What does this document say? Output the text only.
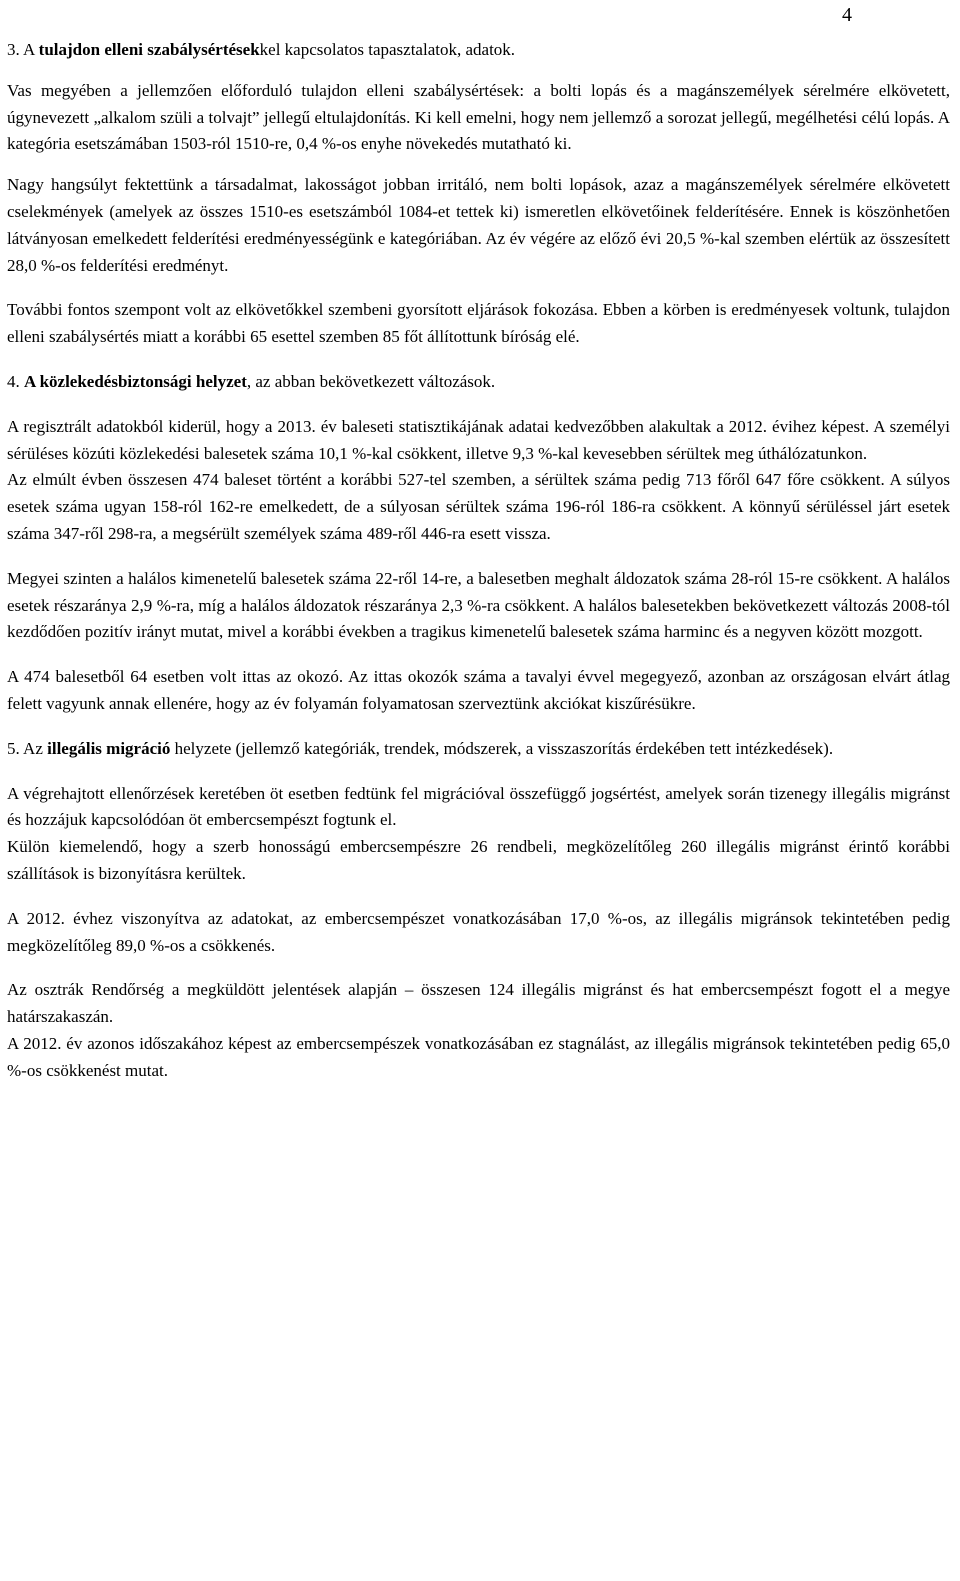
4

3. A tulajdon elleni szabálysértésekkel kapcsolatos tapasztalatok, adatok.

Vas megyében a jellemzően előforduló tulajdon elleni szabálysértések: a bolti lopás és a magánszemélyek sérelmére elkövetett, úgynevezett „alkalom szüli a tolvajt” jellegű eltulajdonítás. Ki kell emelni, hogy nem jellemző a sorozat jellegű, megélhetési célú lopás. A kategória esetszámában 1503-ról 1510-re, 0,4 %-os enyhe növekedés mutatható ki.

Nagy hangsúlyt fektettünk a társadalmat, lakosságot jobban irritáló, nem bolti lopások, azaz a magánszemélyek sérelmére elkövetett cselekmények (amelyek az összes 1510-es esetszámból 1084-et tettek ki) ismeretlen elkövetőinek felderítésére. Ennek is köszönhetően látványosan emelkedett felderítési eredményességünk e kategóriában. Az év végére az előző évi 20,5 %-kal szemben elértük az összesített 28,0 %-os felderítési eredményt.

További fontos szempont volt az elkövetőkkel szembeni gyorsított eljárások fokozása. Ebben a körben is eredményesek voltunk, tulajdon elleni szabálysértés miatt a korábbi 65 esettel szemben 85 főt állítottunk bíróság elé.

4. A közlekedésbiztonsági helyzet, az abban bekövetkezett változások.

A regisztrált adatokból kiderül, hogy a 2013. év baleseti statisztikájának adatai kedvezőbben alakultak a 2012. évihez képest. A személyi sérüléses közúti közlekedési balesetek száma 10,1 %-kal csökkent, illetve 9,3 %-kal kevesebben sérültek meg úthálózatunkon.

Az elmúlt évben összesen 474 baleset történt a korábbi 527-tel szemben, a sérültek száma pedig 713 főről 647 főre csökkent. A súlyos esetek száma ugyan 158-ról 162-re emelkedett, de a súlyosan sérültek száma 196-ról 186-ra csökkent. A könnyű sérüléssel járt esetek száma 347-ről 298-ra, a megsérült személyek száma 489-ről 446-ra esett vissza.

Megyei szinten a halálos kimenetelű balesetek száma 22-ről 14-re, a balesetben meghalt áldozatok száma 28-ról 15-re csökkent. A halálos esetek részaránya 2,9 %-ra, míg a halálos áldozatok részaránya 2,3 %-ra csökkent. A halálos balesetekben bekövetkezett változás 2008-tól kezdődően pozitív irányt mutat, mivel a korábbi években a tragikus kimenetelű balesetek száma harminc és a negyven között mozgott.

A 474 balesetből 64 esetben volt ittas az okozó. Az ittas okozók száma a tavalyi évvel megegyező, azonban az országosan elvárt átlag felett vagyunk annak ellenére, hogy az év folyamán folyamatosan szerveztünk akciókat kiszűrésükre.

5. Az illegális migráció helyzete (jellemző kategóriák, trendek, módszerek, a visszaszorítás érdekében tett intézkedések).

A végrehajtott ellenőrzések keretében öt esetben fedtünk fel migrációval összefüggő jogsértést, amelyek során tizenegy illegális migránst és hozzájuk kapcsolódóan öt embercsempészt fogtunk el.

Külön kiemelendő, hogy a szerb honosságú embercsempészre 26 rendbeli, megközelítőleg 260 illegális migránst érintő korábbi szállítások is bizonyításra kerültek.

A 2012. évhez viszonyítva az adatokat, az embercsempészet vonatkozásában 17,0 %-os, az illegális migránsok tekintetében pedig megközelítőleg 89,0 %-os a csökkenés.

Az osztrák Rendőrség a megküldött jelentések alapján – összesen 124 illegális migránst és hat embercsempészt fogott el a megye határszakaszán.

A 2012. év azonos időszakához képest az embercsempészek vonatkozásában ez stagnálást, az illegális migránsok tekintetében pedig 65,0 %-os csökkenést mutat.
